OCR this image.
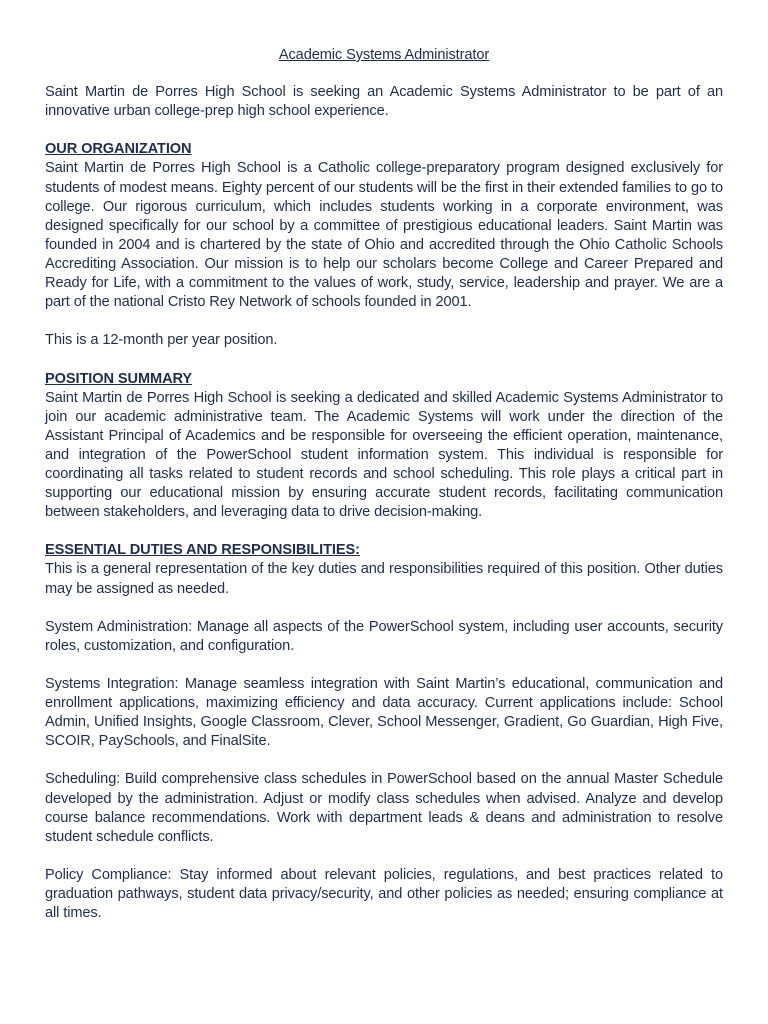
Academic Systems Administrator

Saint Martin de Porres High School is seeking an Academic Systems Administrator to be part of an innovative urban college-prep high school experience.

OUR ORGANIZATION

Saint Martin de Porres High School is a Catholic college-preparatory program designed exclusively for students of modest means. Eighty percent of our students will be the first in their extended families to go to college. Our rigorous curriculum, which includes students working in a corporate environment, was designed specifically for our school by a committee of prestigious educational leaders. Saint Martin was founded in 2004 and is chartered by the state of Ohio and accredited through the Ohio Catholic Schools Accrediting Association. Our mission is to help our scholars become College and Career Prepared and Ready for Life, with a commitment to the values of work, study, service, leadership and prayer. We are a part of the national Cristo Rey Network of schools founded in 2001.

This is a 12-month per year position.

POSITION SUMMARY

Saint Martin de Porres High School is seeking a dedicated and skilled Academic Systems Administrator to join our academic administrative team. The Academic Systems will work under the direction of the Assistant Principal of Academics and be responsible for overseeing the efficient operation, maintenance, and integration of the PowerSchool student information system. This individual is responsible for coordinating all tasks related to student records and school scheduling. This role plays a critical part in supporting our educational mission by ensuring accurate student records, facilitating communication between stakeholders, and leveraging data to drive decision-making.

ESSENTIAL DUTIES AND RESPONSIBILITIES:

This is a general representation of the key duties and responsibilities required of this position. Other duties may be assigned as needed.

System Administration: Manage all aspects of the PowerSchool system, including user accounts, security roles, customization, and configuration.

Systems Integration: Manage seamless integration with Saint Martin’s educational, communication and enrollment applications, maximizing efficiency and data accuracy. Current applications include: School Admin, Unified Insights, Google Classroom, Clever, School Messenger, Gradient, Go Guardian, High Five, SCOIR, PaySchools, and FinalSite.

Scheduling: Build comprehensive class schedules in PowerSchool based on the annual Master Schedule developed by the administration. Adjust or modify class schedules when advised. Analyze and develop course balance recommendations. Work with department leads & deans and administration to resolve student schedule conflicts.

Policy Compliance: Stay informed about relevant policies, regulations, and best practices related to graduation pathways, student data privacy/security, and other policies as needed; ensuring compliance at all times.
